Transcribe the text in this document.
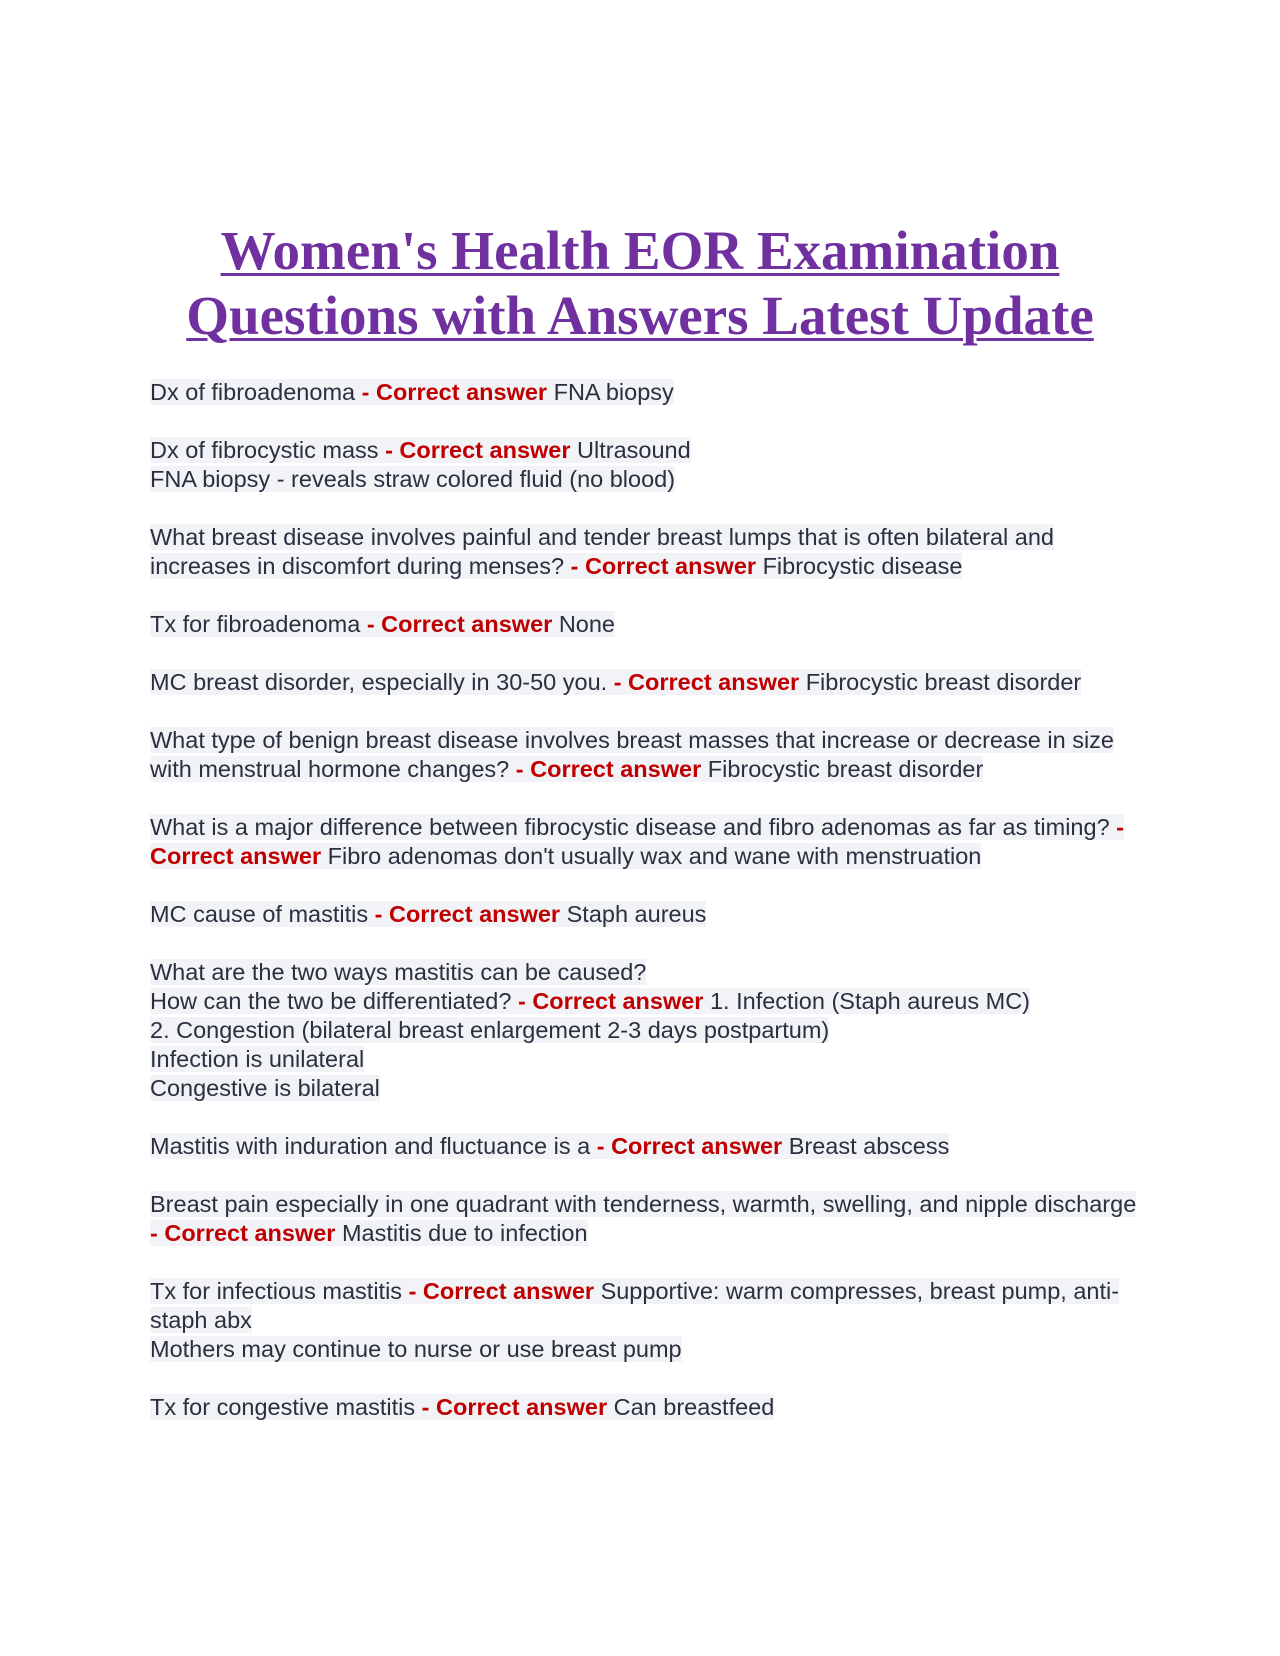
Women's Health EOR Examination
Questions with Answers Latest Update

Dx of fibroadenoma - Correct answer FNA biopsy

Dx of fibrocystic mass - Correct answer Ultrasound
FNA biopsy - reveals straw colored fluid (no blood)

What breast disease involves painful and tender breast lumps that is often bilateral and increases in discomfort during menses? - Correct answer Fibrocystic disease

Tx for fibroadenoma - Correct answer None

MC breast disorder, especially in 30-50 you. - Correct answer Fibrocystic breast disorder

What type of benign breast disease involves breast masses that increase or decrease in size with menstrual hormone changes? - Correct answer Fibrocystic breast disorder

What is a major difference between fibrocystic disease and fibro adenomas as far as timing? - Correct answer Fibro adenomas don't usually wax and wane with menstruation

MC cause of mastitis - Correct answer Staph aureus

What are the two ways mastitis can be caused?
How can the two be differentiated? - Correct answer 1. Infection (Staph aureus MC)
2. Congestion (bilateral breast enlargement 2-3 days postpartum)
Infection is unilateral
Congestive is bilateral

Mastitis with induration and fluctuance is a - Correct answer Breast abscess

Breast pain especially in one quadrant with tenderness, warmth, swelling, and nipple discharge - Correct answer Mastitis due to infection

Tx for infectious mastitis - Correct answer Supportive: warm compresses, breast pump, anti-staph abx
Mothers may continue to nurse or use breast pump

Tx for congestive mastitis - Correct answer Can breastfeed
